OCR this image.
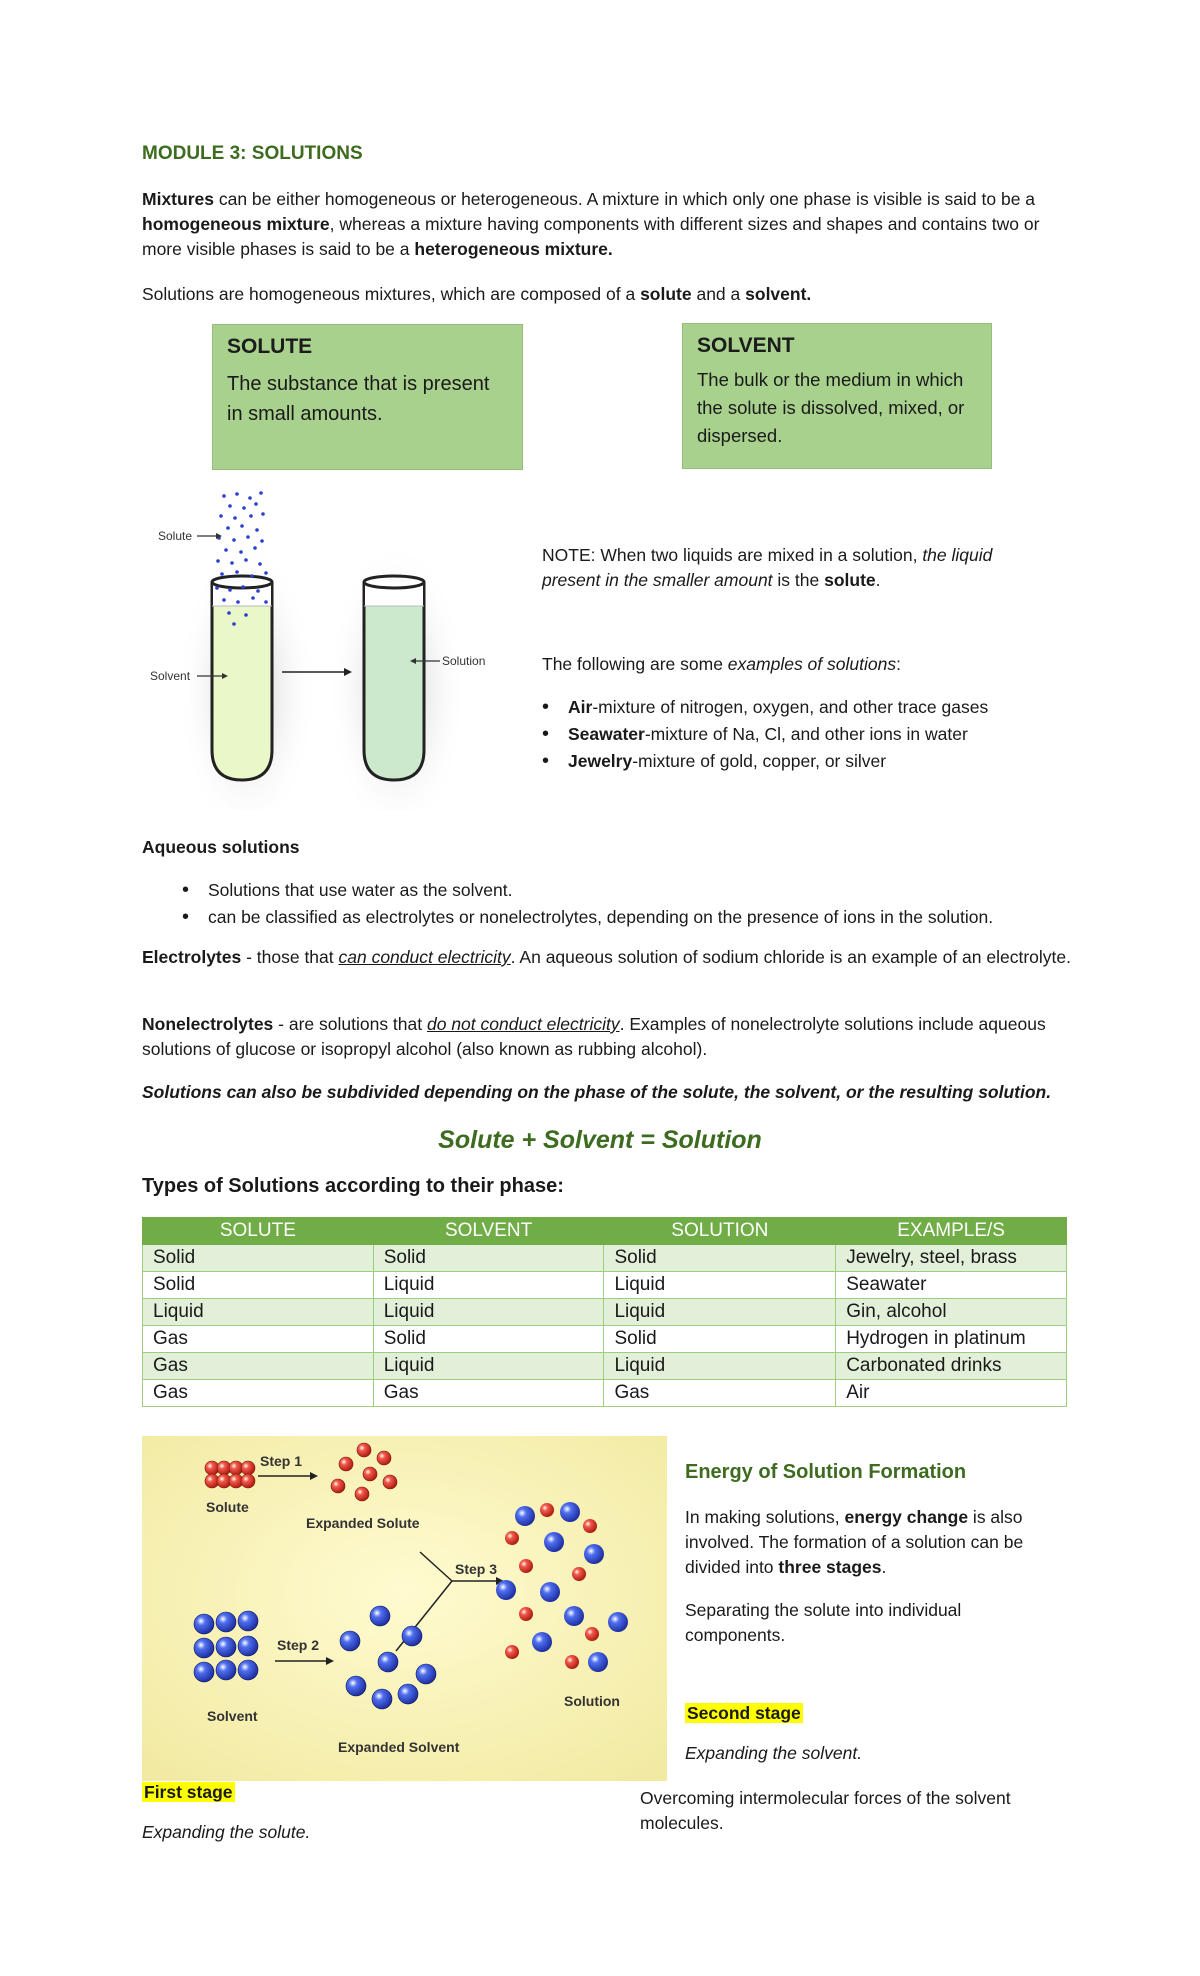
MODULE 3: SOLUTIONS
Mixtures can be either homogeneous or heterogeneous. A mixture in which only one phase is visible is said to be a homogeneous mixture, whereas a mixture having components with different sizes and shapes and contains two or more visible phases is said to be a heterogeneous mixture.
Solutions are homogeneous mixtures, which are composed of a solute and a solvent.
SOLUTE
The substance that is present in small amounts.
SOLVENT
The bulk or the medium in which the solute is dissolved, mixed, or dispersed.
Solute
Solvent
Solution
NOTE: When two liquids are mixed in a solution, the liquid present in the smaller amount is the solute.
The following are some examples of solutions:
• Air-mixture of nitrogen, oxygen, and other trace gases
• Seawater-mixture of Na, Cl, and other ions in water
• Jewelry-mixture of gold, copper, or silver
Aqueous solutions
• Solutions that use water as the solvent.
• can be classified as electrolytes or nonelectrolytes, depending on the presence of ions in the solution.
Electrolytes - those that can conduct electricity. An aqueous solution of sodium chloride is an example of an electrolyte.
Nonelectrolytes - are solutions that do not conduct electricity. Examples of nonelectrolyte solutions include aqueous solutions of glucose or isopropyl alcohol (also known as rubbing alcohol).
Solutions can also be subdivided depending on the phase of the solute, the solvent, or the resulting solution.
Solute + Solvent = Solution
Types of Solutions according to their phase:
SOLUTE	SOLVENT	SOLUTION	EXAMPLE/S
Solid	Solid	Solid	Jewelry, steel, brass
Solid	Liquid	Liquid	Seawater
Liquid	Liquid	Liquid	Gin, alcohol
Gas	Solid	Solid	Hydrogen in platinum
Gas	Liquid	Liquid	Carbonated drinks
Gas	Gas	Gas	Air
Solute
Step 1
Expanded Solute
Step 3
Solvent
Step 2
Expanded Solvent
Solution
Energy of Solution Formation
In making solutions, energy change is also involved. The formation of a solution can be divided into three stages.
Separating the solute into individual components.
Second stage
Expanding the solvent.
Overcoming intermolecular forces of the solvent molecules.
First stage
Expanding the solute.
